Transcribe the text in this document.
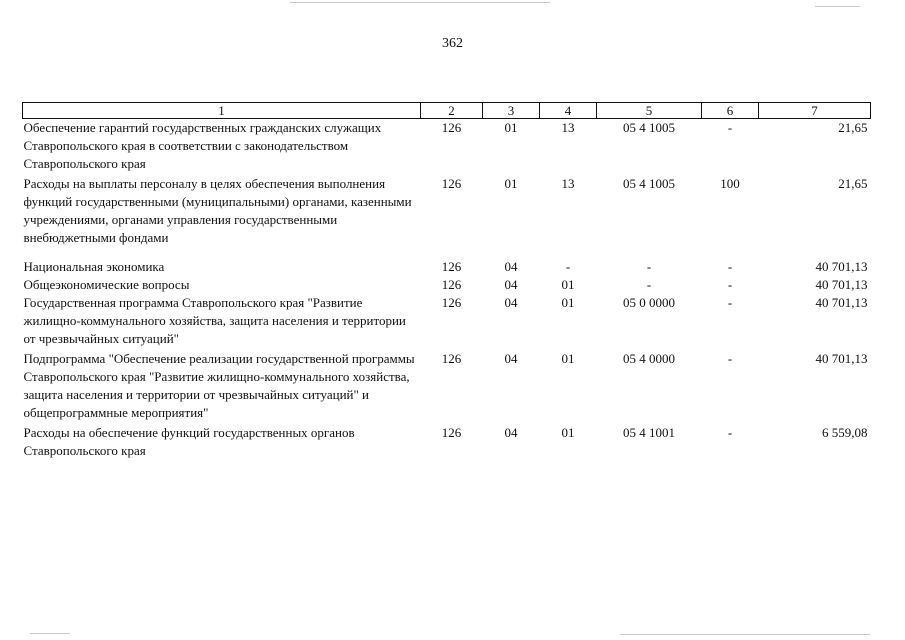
362
1	2	3	4	5	6	7
Обеспечение гарантий государственных гражданских служащих Ставропольского края в соответствии с законодательством Ставропольского края	126	01	13	05 4 1005	-	21,65
Расходы на выплаты персоналу в целях обеспечения выполнения функций государственными (муниципальными) органами, казенными учреждениями, органами управления государственными внебюджетными фондами	126	01	13	05 4 1005	100	21,65

Национальная экономика	126	04	-	-	-	40 701,13
Общеэкономические вопросы	126	04	01	-	-	40 701,13
Государственная программа Ставропольского края "Развитие жилищно-коммунального хозяйства, защита населения и территории от чрезвычайных ситуаций"	126	04	01	05 0 0000	-	40 701,13
Подпрограмма "Обеспечение реализации государственной программы Ставропольского края "Развитие жилищно-коммунального хозяйства, защита населения и территории от чрезвычайных ситуаций" и общепрограммные мероприятия"	126	04	01	05 4 0000	-	40 701,13
Расходы на обеспечение функций государственных органов Ставропольского края	126	04	01	05 4 1001	-	6 559,08
